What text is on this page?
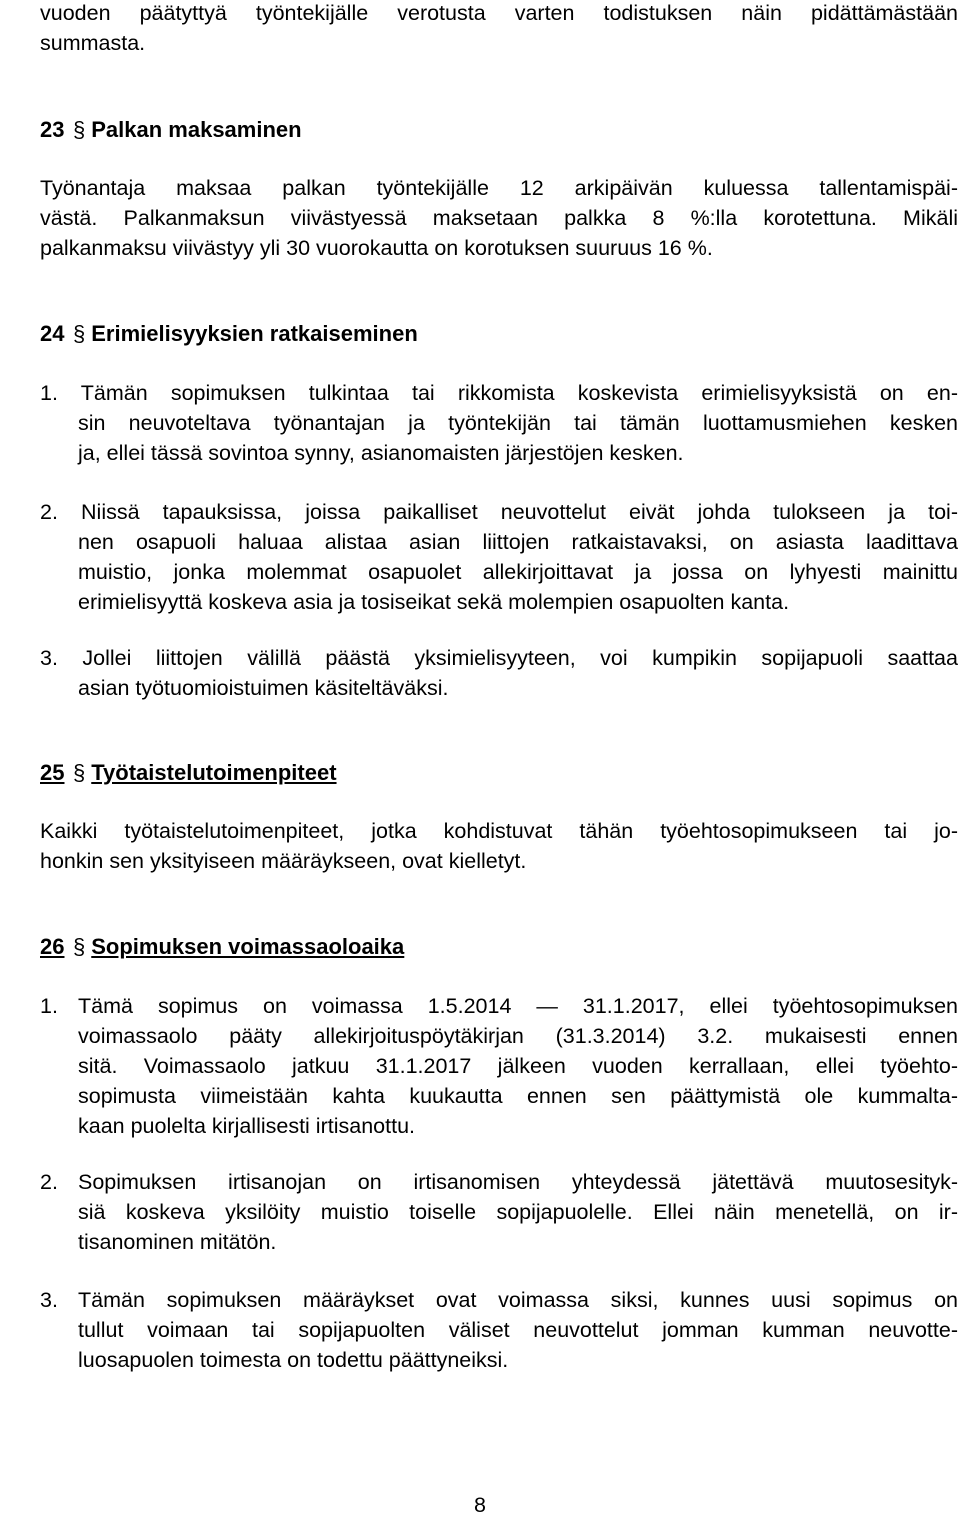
vuoden päätyttyä työntekijälle verotusta varten todistuksen näin pidättämästään
summasta.
23 § Palkan maksaminen
Työnantaja maksaa palkan työntekijälle 12 arkipäivän kuluessa tallentamispäi-
västä. Palkanmaksun viivästyessä maksetaan palkka 8 %:lla korotettuna. Mikäli
palkanmaksu viivästyy yli 30 vuorokautta on korotuksen suuruus 16 %.
24 § Erimielisyyksien ratkaiseminen
1. Tämän sopimuksen tulkintaa tai rikkomista koskevista erimielisyyksistä on en-
sin neuvoteltava työnantajan ja työntekijän tai tämän luottamusmiehen kesken
ja, ellei tässä sovintoa synny, asianomaisten järjestöjen kesken.
2. Niissä tapauksissa, joissa paikalliset neuvottelut eivät johda tulokseen ja toi-
nen osapuoli haluaa alistaa asian liittojen ratkaistavaksi, on asiasta laadittava
muistio, jonka molemmat osapuolet allekirjoittavat ja jossa on lyhyesti mainittu
erimielisyyttä koskeva asia ja tosiseikat sekä molempien osapuolten kanta.
3. Jollei liittojen välillä päästä yksimielisyyteen, voi kumpikin sopijapuoli saattaa
asian työtuomioistuimen käsiteltäväksi.
25 § Työtaistelutoimenpiteet
Kaikki työtaistelutoimenpiteet, jotka kohdistuvat tähän työehtosopimukseen tai jo-
honkin sen yksityiseen määräykseen, ovat kielletyt.
26 § Sopimuksen voimassaoloaika
1. Tämä sopimus on voimassa 1.5.2014 — 31.1.2017, ellei työehtosopimuksen
voimassaolo pääty allekirjoituspöytäkirjan (31.3.2014) 3.2. mukaisesti ennen
sitä. Voimassaolo jatkuu 31.1.2017 jälkeen vuoden kerrallaan, ellei työehto-
sopimusta viimeistään kahta kuukautta ennen sen päättymistä ole kummalta-
kaan puolelta kirjallisesti irtisanottu.
2. Sopimuksen irtisanojan on irtisanomisen yhteydessä jätettävä muutosesityk-
siä koskeva yksilöity muistio toiselle sopijapuolelle. Ellei näin menetellä, on ir-
tisanominen mitätön.
3. Tämän sopimuksen määräykset ovat voimassa siksi, kunnes uusi sopimus on
tullut voimaan tai sopijapuolten väliset neuvottelut jomman kumman neuvotte-
luosapuolen toimesta on todettu päättyneiksi.
8
